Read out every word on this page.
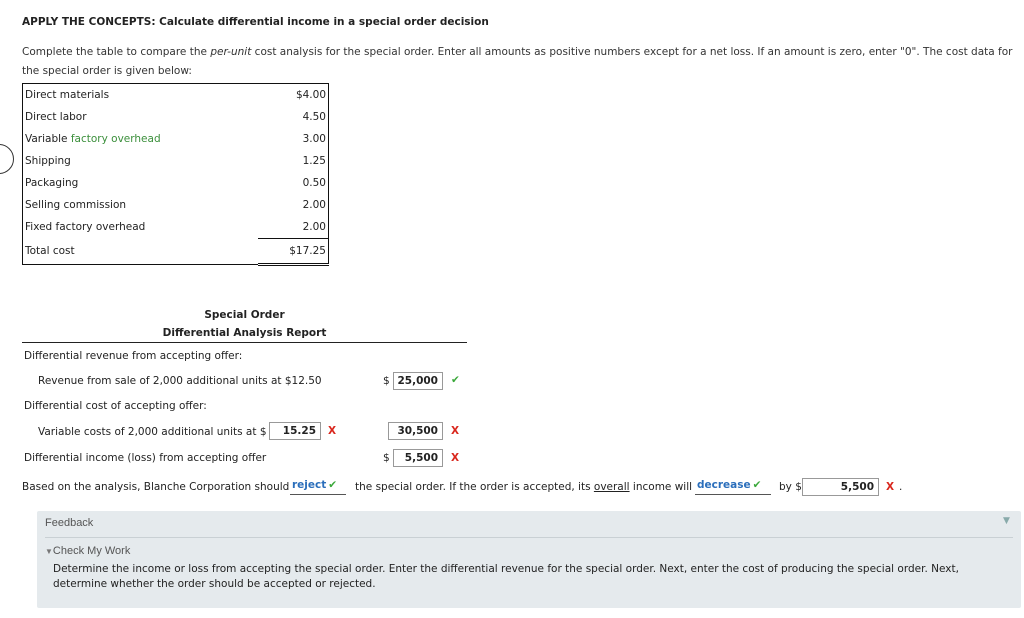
APPLY THE CONCEPTS: Calculate differential income in a special order decision
Complete the table to compare the per-unit cost analysis for the special order. Enter all amounts as positive numbers except for a net loss. If an amount is zero, enter "0". The cost data for the special order is given below:
Direct materials	$4.00
Direct labor	4.50
Variable factory overhead	3.00
Shipping	1.25
Packaging	0.50
Selling commission	2.00
Fixed factory overhead	2.00
Total cost	$17.25
Special Order
Differential Analysis Report
Differential revenue from accepting offer:
Revenue from sale of 2,000 additional units at $12.50	$ 25,000	✔
Differential cost of accepting offer:
Variable costs of 2,000 additional units at $	15.25	X	30,500	X
Differential income (loss) from accepting offer	$	5,500	X
Based on the analysis, Blanche Corporation should reject ✔	the special order. If the order is accepted, its overall income will decrease ✔	by $	5,500	X .
Feedback	▼
▼Check My Work
Determine the income or loss from accepting the special order. Enter the differential revenue for the special order. Next, enter the cost of producing the special order. Next, determine whether the order should be accepted or rejected.
